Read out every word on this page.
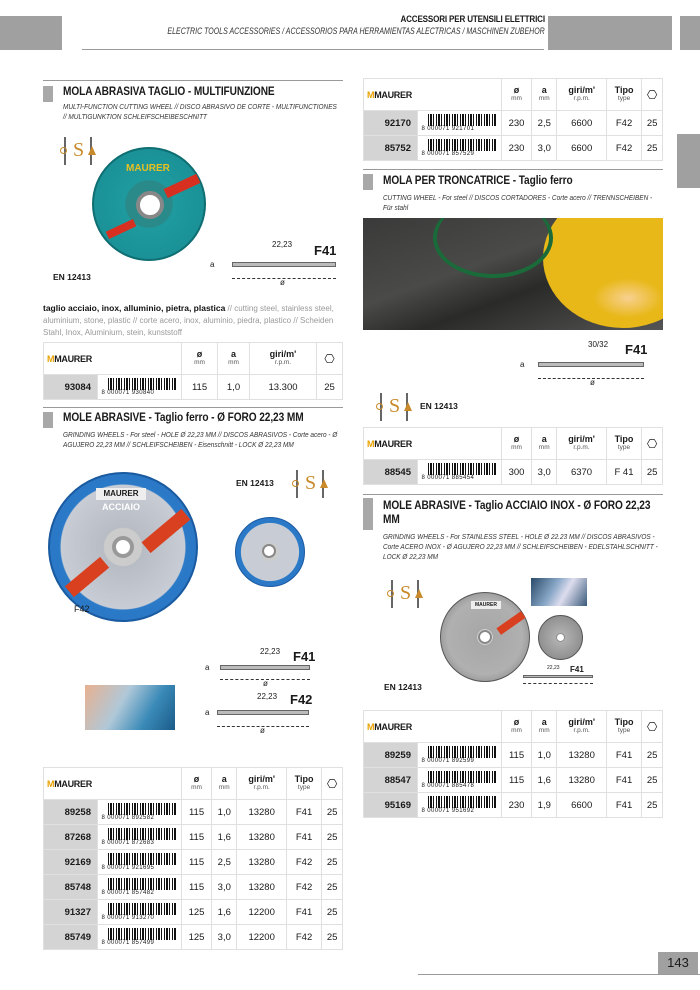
ACCESSORI PER UTENSILI ELETTRICI
ELECTRIC TOOLS ACCESSORIES / ACCESSORIOS PARA HERRAMIENTAS ALECTRICAS / MASCHINEN ZUBEHOR
MOLA ABRASIVA TAGLIO - MULTIFUNZIONE
MULTI-FUNCTION CUTTING WHEEL // DISCO ABRASIVO DE CORTE - MULTIFUNCTIONES // MULTIGUNKTION SCHLEIFSCHEIBESCHNITT
S
MAURER
EN 12413
22,23 F41
a
ø
taglio acciaio, inox, alluminio, pietra, plastica // cutting steel, stainless steel, aluminium, stone, plastic // corte acero, inox, aluminio, piedra, plastico // Scheiden Stahl, Inox, Aluminium, stein, kunststoff
MMAURER	ø
mm

a
mm

giri/m'
r.p.m.	⎔
93084	8 000071 930840	115	1,0	13.300	25
MOLE ABRASIVE - Taglio ferro - Ø FORO 22,23 MM
GRINDING WHEELS - For steel - HOLE Ø 22,23 MM // DISCOS ABRASIVOS - Corte acero - Ø AGUJERO 22,23 MM // SCHLEIFSCHEIBEN - Eisenschnitt - LOCK Ø 22,23 MM
MAURER
ACCIAIO
F42
EN 12413 S
22,23 F41
a
ø
22,23 F42
a
ø
MMAURER	ø
mm

a
mm

giri/m'
r.p.m.

Tipo
type	⎔
89258	8 000071 892582	115	1,0	13280	F41	25
87268	8 000071 872683	115	1,6	13280	F41	25
92169	8 000071 921695	115	2,5	13280	F42	25
85748	8 000071 857482	115	3,0	13280	F42	25
91327	8 000071 913270	125	1,6	12200	F41	25
85749	8 000071 857499	125	3,0	12200	F42	25
MMAURER	ø
mm

a
mm

giri/m'
r.p.m.

Tipo
type	⎔
92170	8 000071 921701	230	2,5	6600	F42	25
85752	8 000071 857529	230	3,0	6600	F42	25
MOLA PER TRONCATRICE - Taglio ferro
CUTTING WHEEL - For steel // DISCOS CORTADORES - Corte acero // TRENNSCHEIBEN - Für stahl
30/32 F41
a
ø
S EN 12413
MMAURER	ø
mm

a
mm

giri/m'
r.p.m.

Tipo
type	⎔
88545	8 000071 885454	300	3,0	6370	F 41	25
MOLE ABRASIVE - Taglio ACCIAIO INOX - Ø FORO 22,23 MM
GRINDING WHEELS - For STAINLESS STEEL - HOLE Ø 22.23 MM // DISCOS ABRASIVOS - Corte ACERO INOX - Ø AGUJERO 22,23 MM // SCHLEIFSCHEIBEN - EDELSTAHLSCHNITT - LOCK Ø 22,23 MM
S
MAURER
22,23 F41
EN 12413
MMAURER	ø
mm

a
mm

giri/m'
r.p.m.

Tipo
type	⎔
89259	8 000071 892599	115	1,0	13280	F41	25
88547	8 000071 885478	115	1,6	13280	F41	25
95169	8 000071 951692	230	1,9	6600	F41	25
143
